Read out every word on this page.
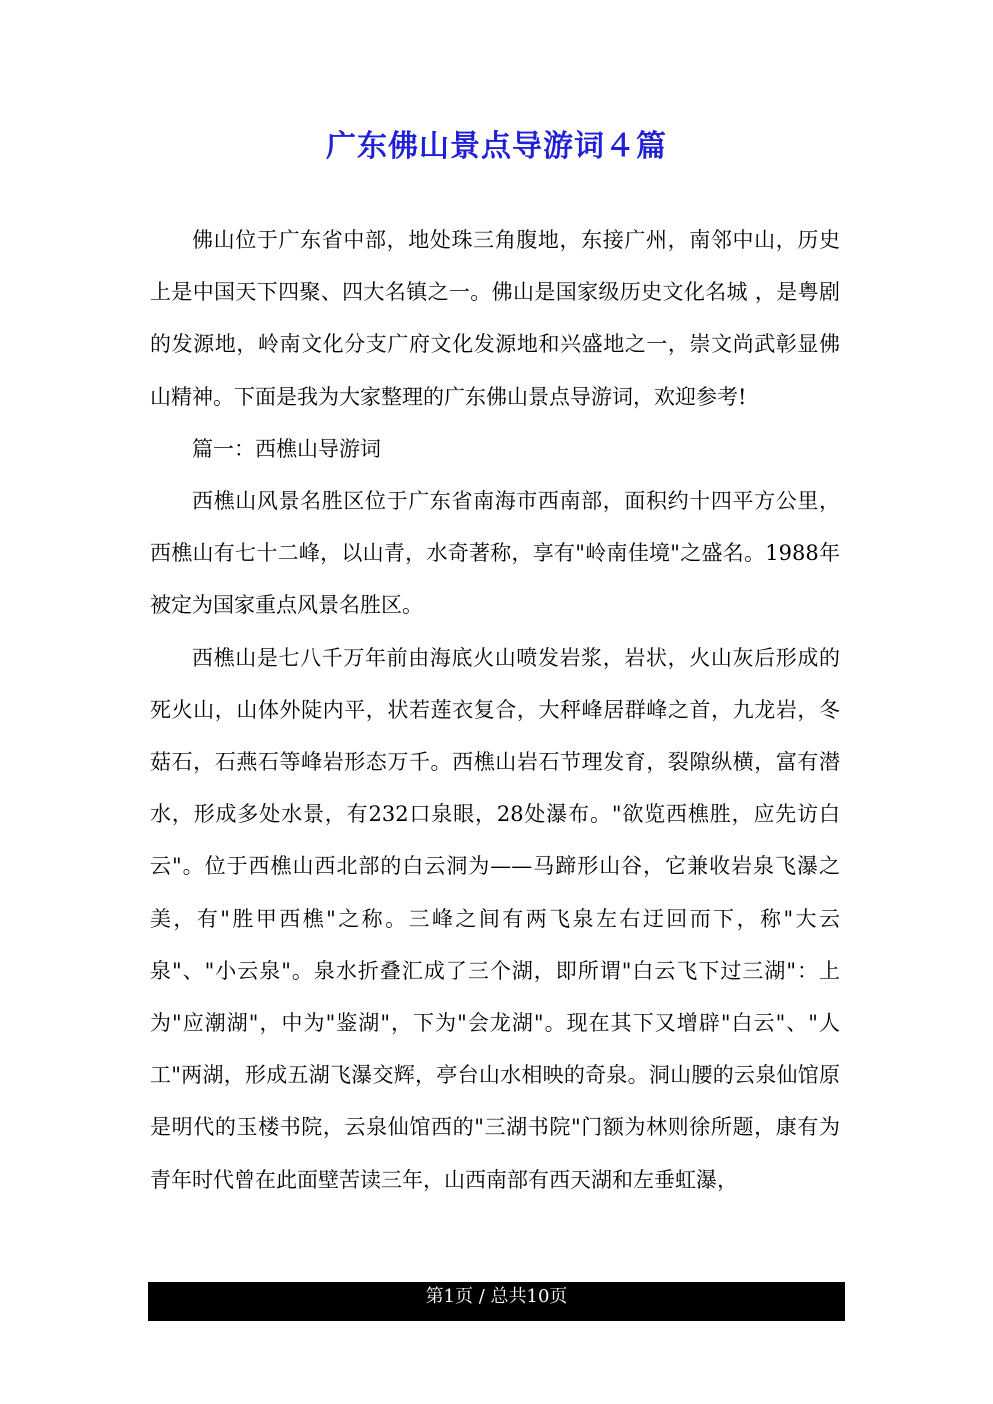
广东佛山景点导游词４篇

佛山位于广东省中部，地处珠三角腹地，东接广州，南邻中山，历史上是中国天下四聚、四大名镇之一。佛山是国家级历史文化名城 ，是粤剧的发源地，岭南文化分支广府文化发源地和兴盛地之一，崇文尚武彰显佛山精神。下面是我为大家整理的广东佛山景点导游词，欢迎参考!

篇一：西樵山导游词

西樵山风景名胜区位于广东省南海市西南部，面积约十四平方公里，西樵山有七十二峰，以山青，水奇著称，享有"岭南佳境"之盛名。1988年被定为国家重点风景名胜区。

西樵山是七八千万年前由海底火山喷发岩浆，岩状，火山灰后形成的死火山，山体外陡内平，状若莲衣复合，大秤峰居群峰之首，九龙岩，冬菇石，石燕石等峰岩形态万千。西樵山岩石节理发育，裂隙纵横，富有潜水，形成多处水景，有232口泉眼，28处瀑布。"欲览西樵胜，应先访白云"。位于西樵山西北部的白云洞为——马蹄形山谷，它兼收岩泉飞瀑之美，有"胜甲西樵"之称。三峰之间有两飞泉左右迂回而下，称"大云泉"、"小云泉"。泉水折叠汇成了三个湖，即所谓"白云飞下过三湖"：上为"应潮湖"，中为"鉴湖"，下为"会龙湖"。现在其下又增辟"白云"、"人工"两湖，形成五湖飞瀑交辉，亭台山水相映的奇泉。洞山腰的云泉仙馆原是明代的玉楼书院，云泉仙馆西的"三湖书院"门额为林则徐所题，康有为青年时代曾在此面壁苦读三年，山西南部有西天湖和左垂虹瀑，

第1页 / 总共10页
